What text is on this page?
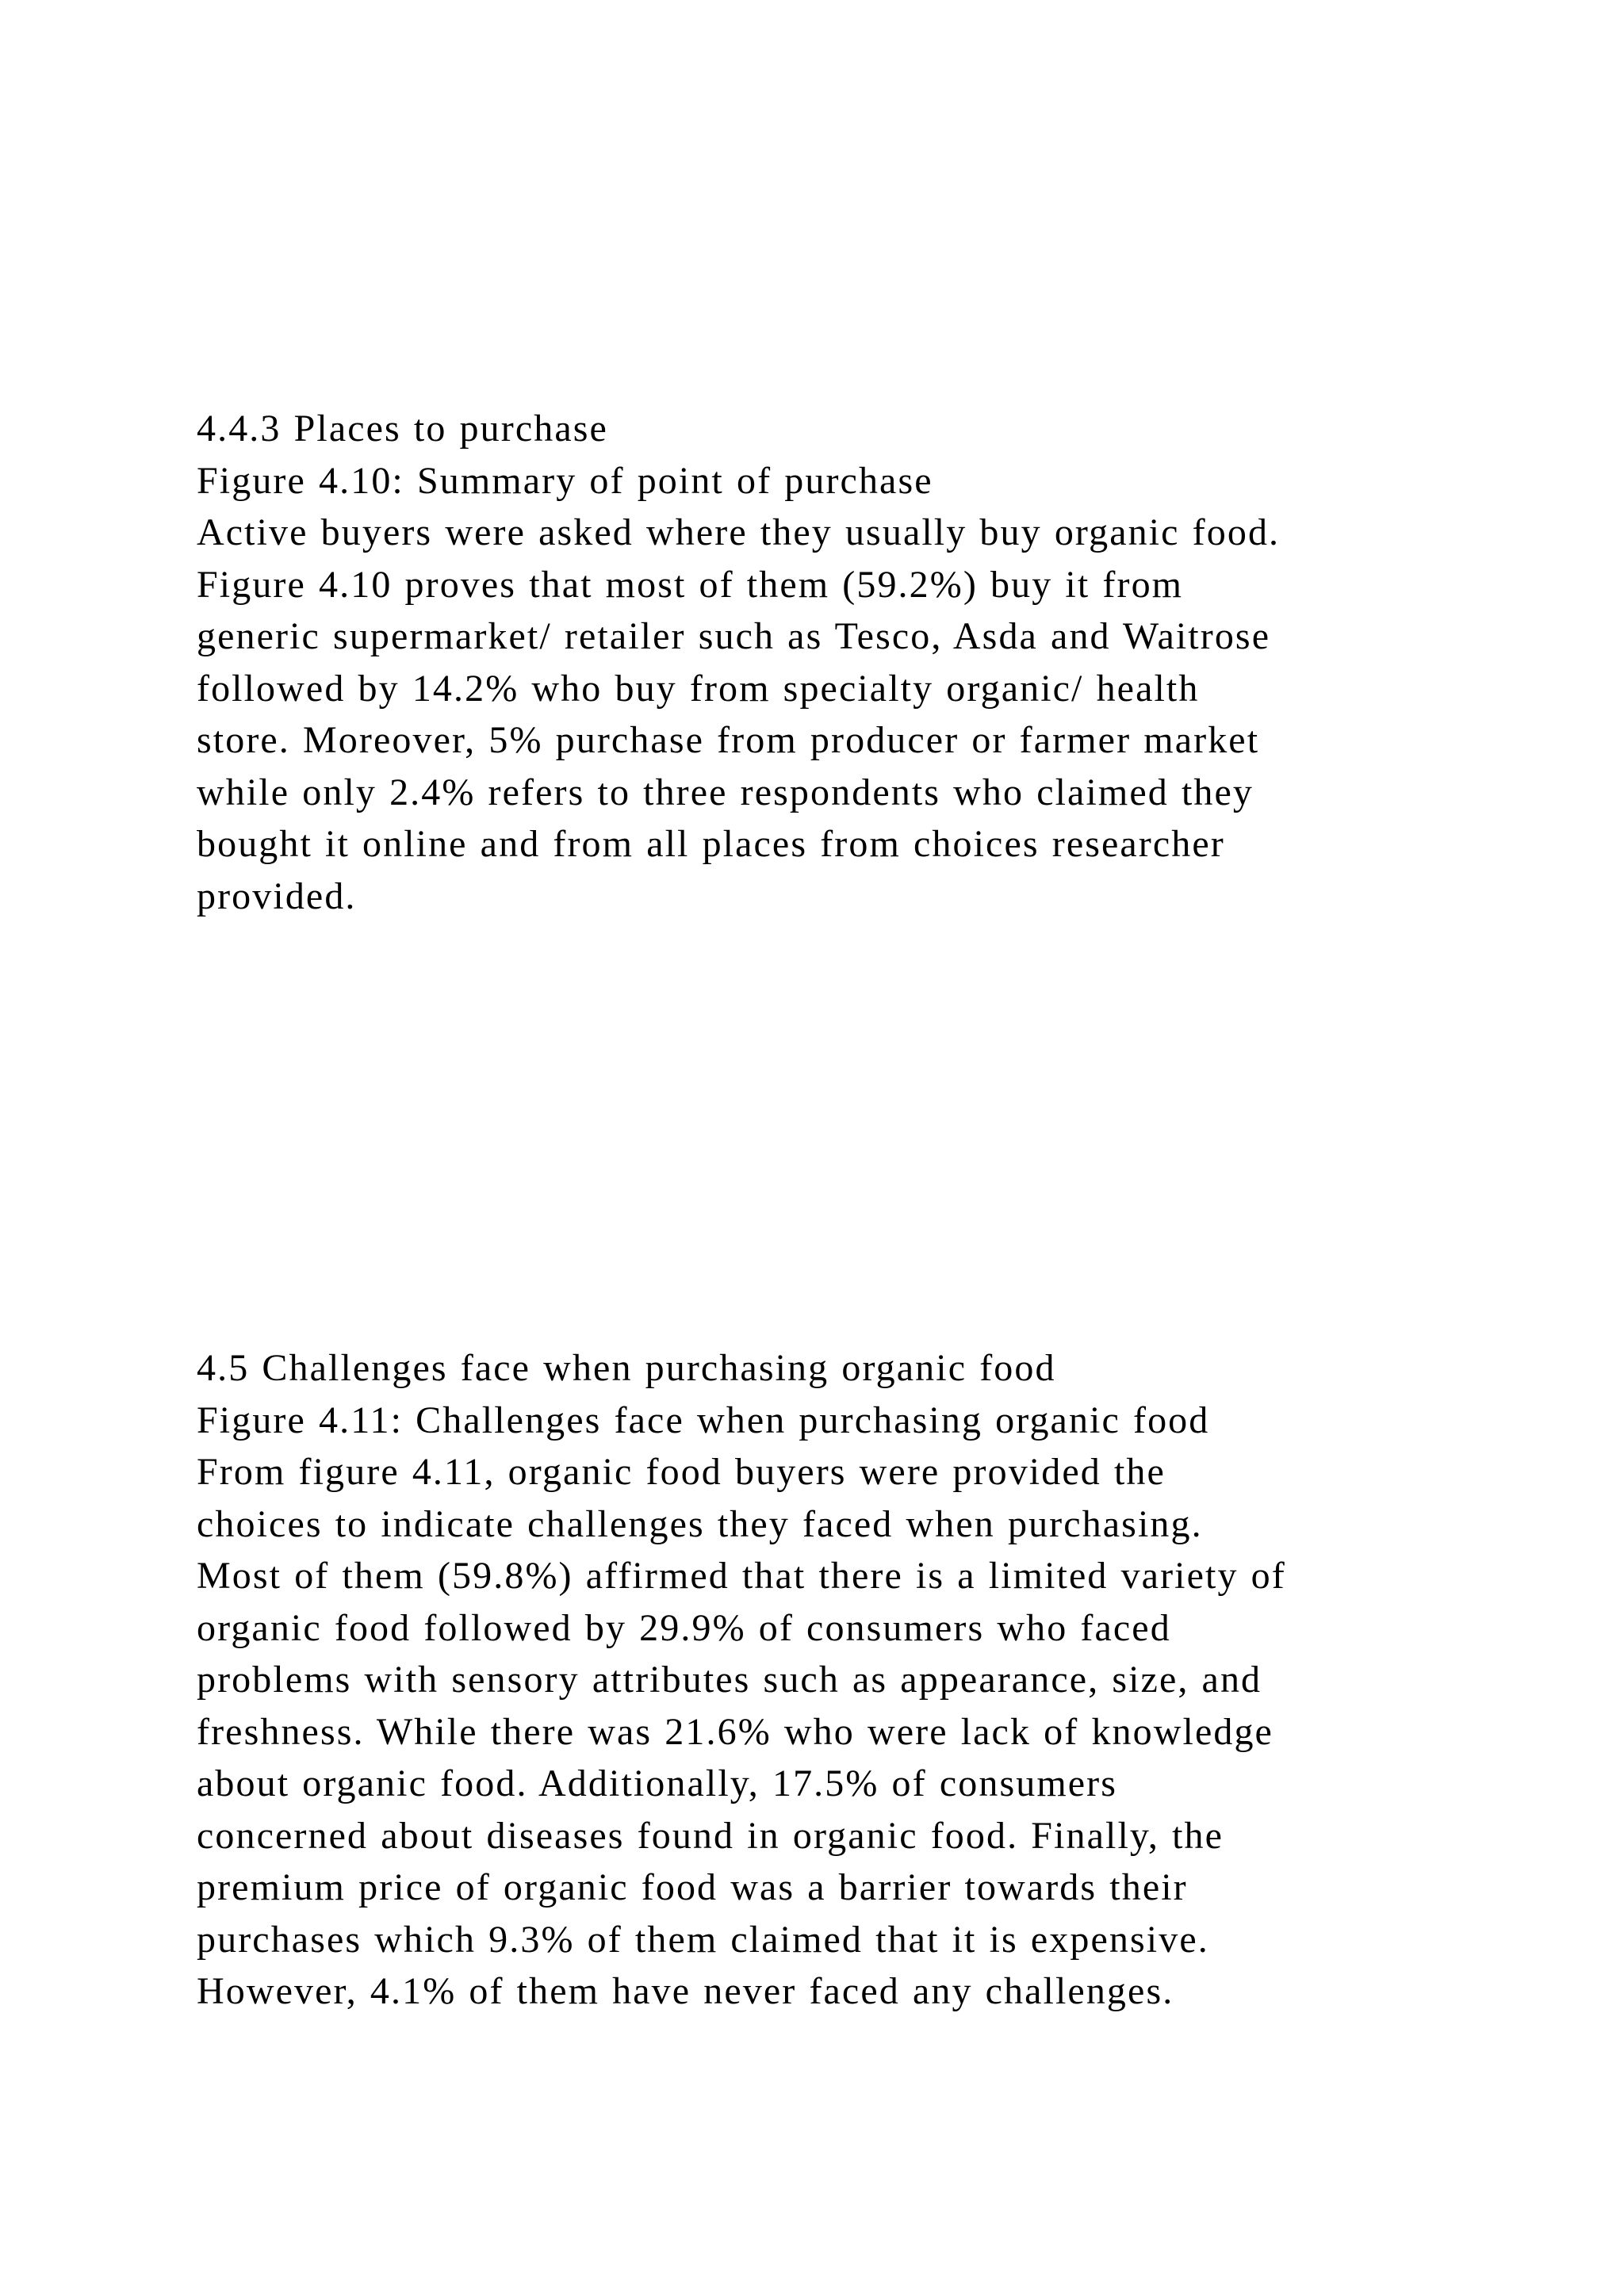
4.4.3 Places to purchase
Figure 4.10: Summary of point of purchase
Active buyers were asked where they usually buy organic food.
Figure 4.10 proves that most of them (59.2%) buy it from
generic supermarket/ retailer such as Tesco, Asda and Waitrose
followed by 14.2% who buy from specialty organic/ health
store. Moreover, 5% purchase from producer or farmer market
while only 2.4% refers to three respondents who claimed they
bought it online and from all places from choices researcher
provided.
4.5 Challenges face when purchasing organic food
Figure 4.11: Challenges face when purchasing organic food
From figure 4.11, organic food buyers were provided the
choices to indicate challenges they faced when purchasing.
Most of them (59.8%) affirmed that there is a limited variety of
organic food followed by 29.9% of consumers who faced
problems with sensory attributes such as appearance, size, and
freshness. While there was 21.6% who were lack of knowledge
about organic food. Additionally, 17.5% of consumers
concerned about diseases found in organic food. Finally, the
premium price of organic food was a barrier towards their
purchases which 9.3% of them claimed that it is expensive.
However, 4.1% of them have never faced any challenges.
